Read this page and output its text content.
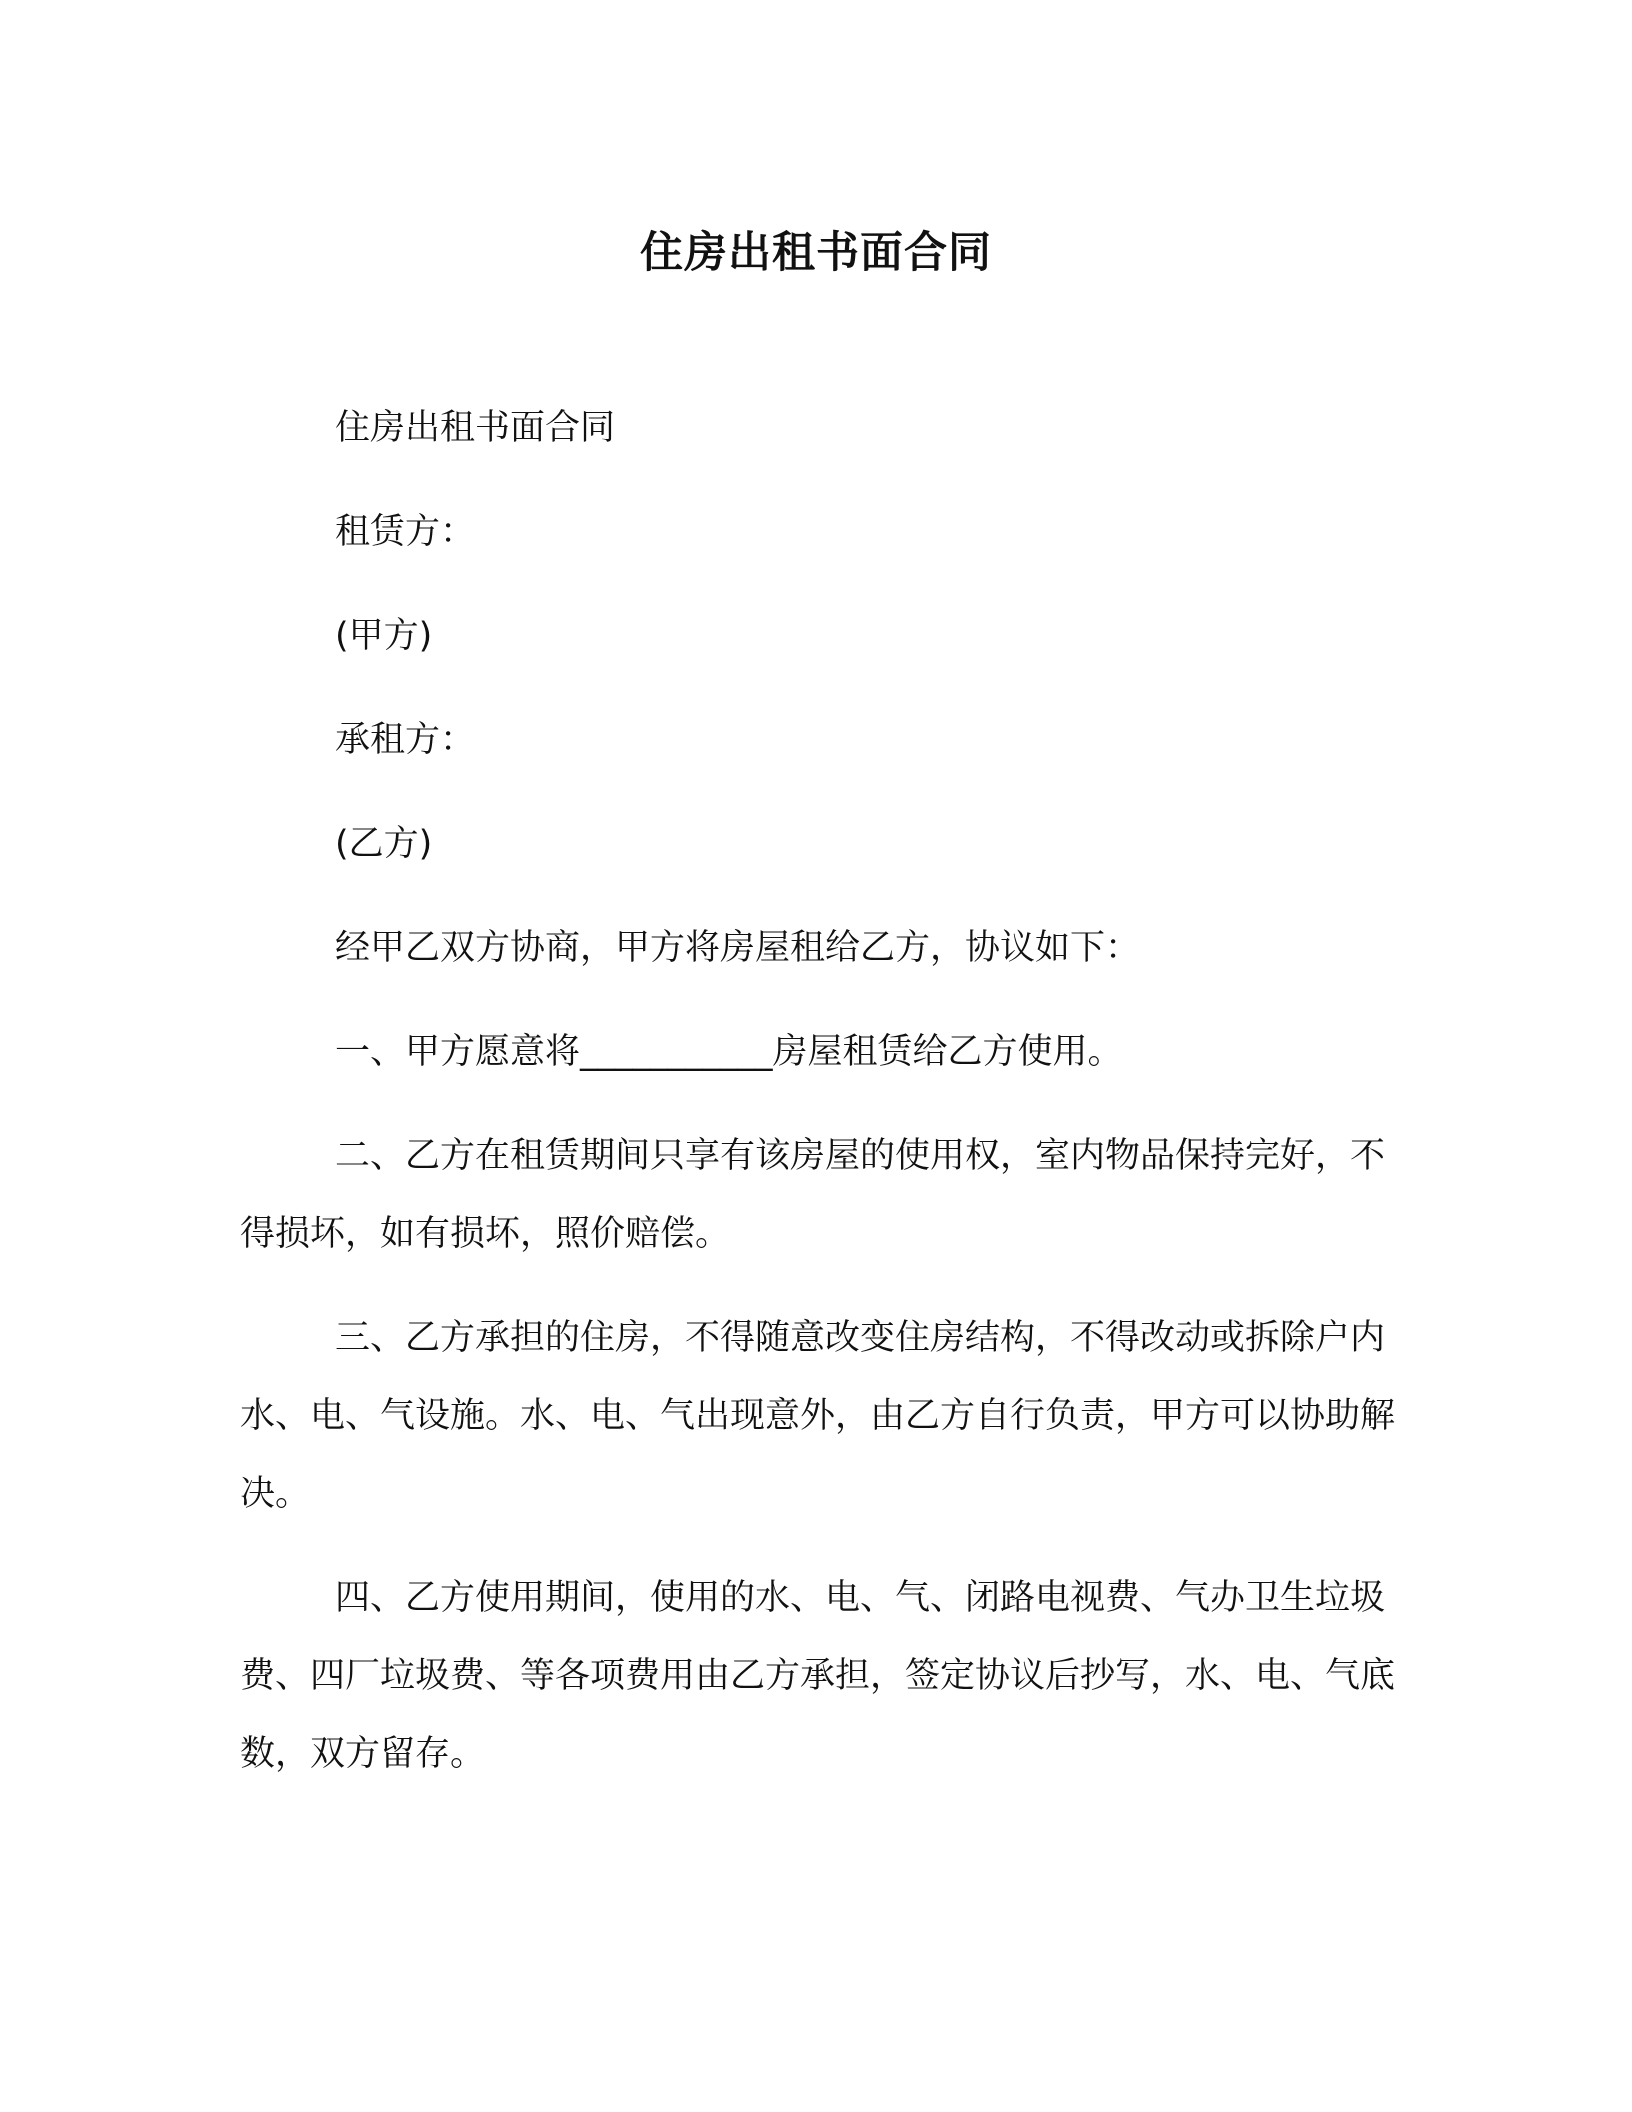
住房出租书面合同

住房出租书面合同

租赁方：

(甲方)

承租方：

(乙方)

经甲乙双方协商，甲方将房屋租给乙方，协议如下：

一、甲方愿意将___________房屋租赁给乙方使用。

二、乙方在租赁期间只享有该房屋的使用权，室内物品保持完好，不得损坏，如有损坏，照价赔偿。

三、乙方承担的住房，不得随意改变住房结构，不得改动或拆除户内水、电、气设施。水、电、气出现意外，由乙方自行负责，甲方可以协助解决。

四、乙方使用期间，使用的水、电、气、闭路电视费、气办卫生垃圾费、四厂垃圾费、等各项费用由乙方承担，签定协议后抄写，水、电、气底数，双方留存。
